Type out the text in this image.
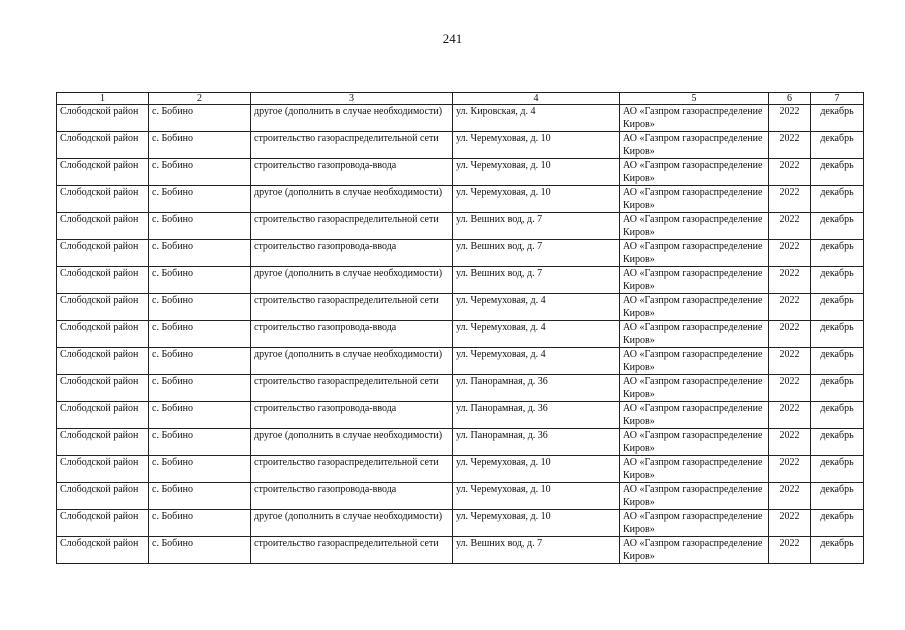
241
1	2	3	4	5	6	7
Слободской район	с. Бобино	другое (дополнить в случае необходимости)	ул. Кировская, д. 4	АО «Газпром газораспределение Киров»	2022	декабрь
Слободской район	с. Бобино	строительство газораспределительной сети	ул. Черемуховая, д. 10	АО «Газпром газораспределение Киров»	2022	декабрь
Слободской район	с. Бобино	строительство газопровода-ввода	ул. Черемуховая, д. 10	АО «Газпром газораспределение Киров»	2022	декабрь
Слободской район	с. Бобино	другое (дополнить в случае необходимости)	ул. Черемуховая, д. 10	АО «Газпром газораспределение Киров»	2022	декабрь
Слободской район	с. Бобино	строительство газораспределительной сети	ул. Вешних вод, д. 7	АО «Газпром газораспределение Киров»	2022	декабрь
Слободской район	с. Бобино	строительство газопровода-ввода	ул. Вешних вод, д. 7	АО «Газпром газораспределение Киров»	2022	декабрь
Слободской район	с. Бобино	другое (дополнить в случае необходимости)	ул. Вешних вод, д. 7	АО «Газпром газораспределение Киров»	2022	декабрь
Слободской район	с. Бобино	строительство газораспределительной сети	ул. Черемуховая, д. 4	АО «Газпром газораспределение Киров»	2022	декабрь
Слободской район	с. Бобино	строительство газопровода-ввода	ул. Черемуховая, д. 4	АО «Газпром газораспределение Киров»	2022	декабрь
Слободской район	с. Бобино	другое (дополнить в случае необходимости)	ул. Черемуховая, д. 4	АО «Газпром газораспределение Киров»	2022	декабрь
Слободской район	с. Бобино	строительство газораспределительной сети	ул. Панорамная, д. 36	АО «Газпром газораспределение Киров»	2022	декабрь
Слободской район	с. Бобино	строительство газопровода-ввода	ул. Панорамная, д. 36	АО «Газпром газораспределение Киров»	2022	декабрь
Слободской район	с. Бобино	другое (дополнить в случае необходимости)	ул. Панорамная, д. 36	АО «Газпром газораспределение Киров»	2022	декабрь
Слободской район	с. Бобино	строительство газораспределительной сети	ул. Черемуховая, д. 10	АО «Газпром газораспределение Киров»	2022	декабрь
Слободской район	с. Бобино	строительство газопровода-ввода	ул. Черемуховая, д. 10	АО «Газпром газораспределение Киров»	2022	декабрь
Слободской район	с. Бобино	другое (дополнить в случае необходимости)	ул. Черемуховая, д. 10	АО «Газпром газораспределение Киров»	2022	декабрь
Слободской район	с. Бобино	строительство газораспределительной сети	ул. Вешних вод, д. 7	АО «Газпром газораспределение Киров»	2022	декабрь
